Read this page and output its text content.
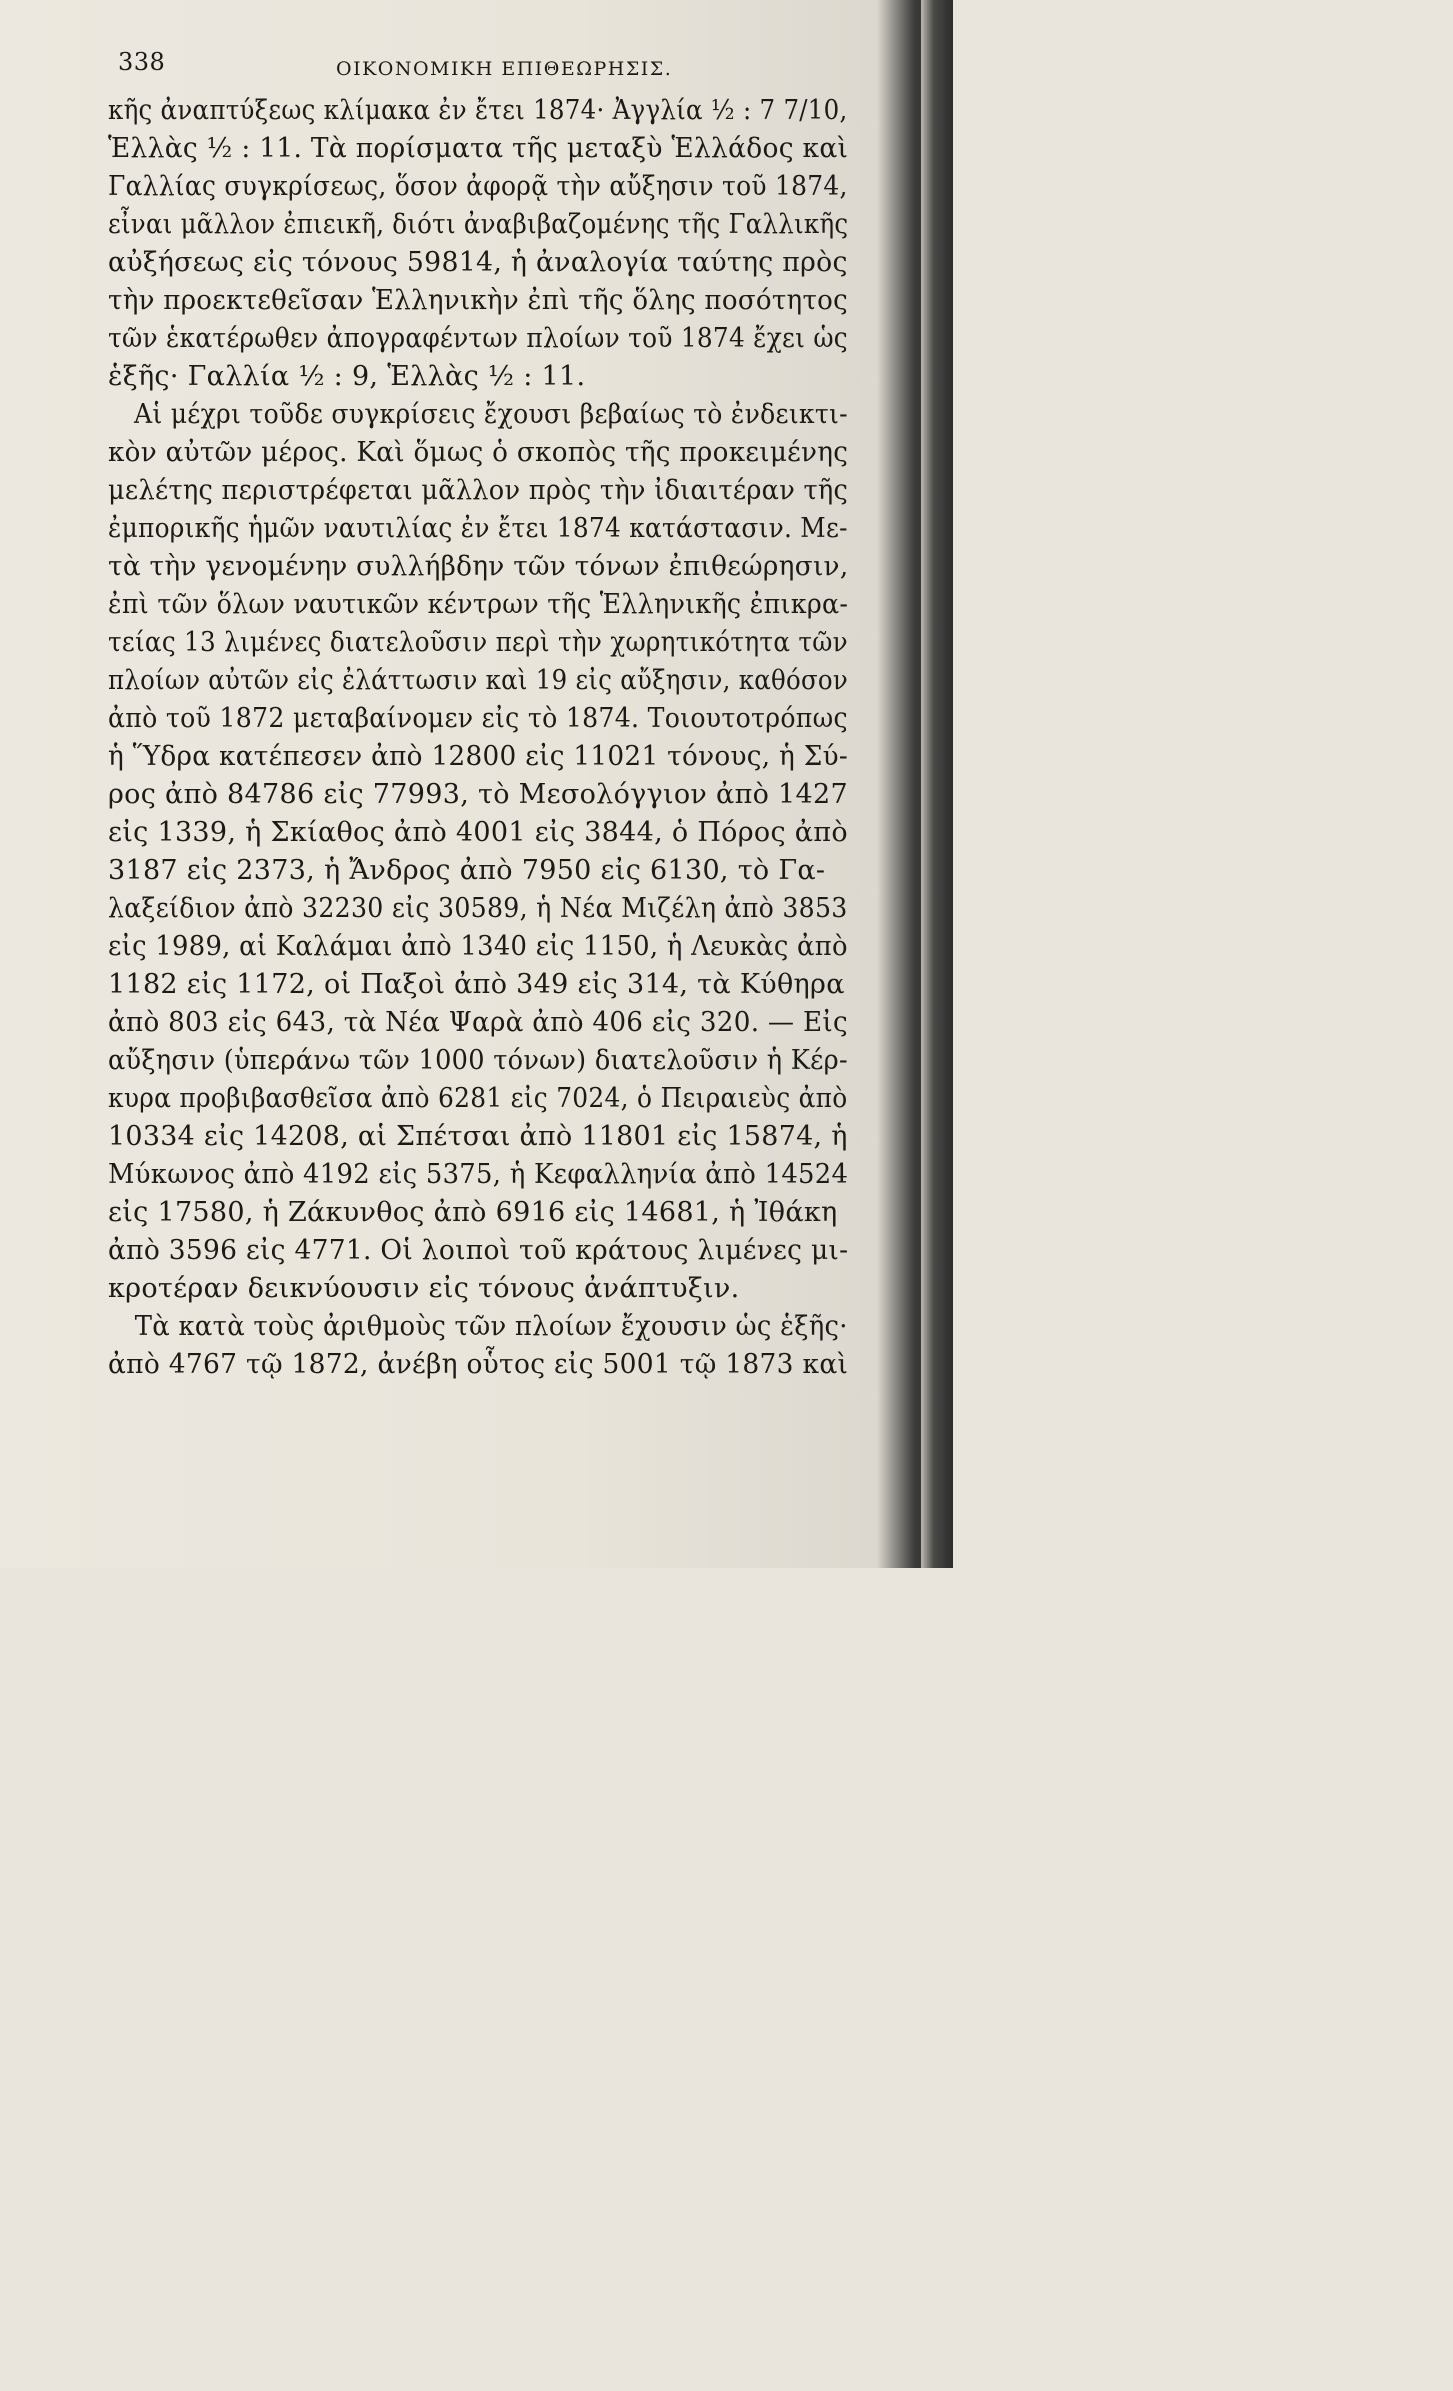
338	ΟΙΚΟΝΟΜΙΚΗ ΕΠΙΘΕΩΡΗΣΙΣ.
κῆς ἀναπτύξεως κλίμακα ἐν ἔτει 1874· Ἀγγλία ½ : 7 7/10,
Ἑλλὰς ½ : 11. Τὰ πορίσματα τῆς μεταξὺ Ἑλλάδος καὶ
Γαλλίας συγκρίσεως, ὅσον ἀφορᾷ τὴν αὔξησιν τοῦ 1874,
εἶναι μᾶλλον ἐπιεικῆ, διότι ἀναβιβαζομένης τῆς Γαλλικῆς
αὐξήσεως εἰς τόνους 59814, ἡ ἀναλογία ταύτης πρὸς
τὴν προεκτεθεῖσαν Ἑλληνικὴν ἐπὶ τῆς ὅλης ποσότητος
τῶν ἑκατέρωθεν ἀπογραφέντων πλοίων τοῦ 1874 ἔχει ὡς
ἑξῆς· Γαλλία ½ : 9, Ἑλλὰς ½ : 11.
Αἱ μέχρι τοῦδε συγκρίσεις ἔχουσι βεβαίως τὸ ἐνδεικτι-
κὸν αὐτῶν μέρος. Καὶ ὅμως ὁ σκοπὸς τῆς προκειμένης
μελέτης περιστρέφεται μᾶλλον πρὸς τὴν ἰδιαιτέραν τῆς
ἐμπορικῆς ἡμῶν ναυτιλίας ἐν ἔτει 1874 κατάστασιν. Με-
τὰ τὴν γενομένην συλλήβδην τῶν τόνων ἐπιθεώρησιν,
ἐπὶ τῶν ὅλων ναυτικῶν κέντρων τῆς Ἑλληνικῆς ἐπικρα-
τείας 13 λιμένες διατελοῦσιν περὶ τὴν χωρητικότητα τῶν
πλοίων αὐτῶν εἰς ἐλάττωσιν καὶ 19 εἰς αὔξησιν, καθόσον
ἀπὸ τοῦ 1872 μεταβαίνομεν εἰς τὸ 1874. Τοιουτοτρόπως
ἡ Ὕδρα κατέπεσεν ἀπὸ 12800 εἰς 11021 τόνους, ἡ Σύ-
ρος ἀπὸ 84786 εἰς 77993, τὸ Μεσολόγγιον ἀπὸ 1427
εἰς 1339, ἡ Σκίαθος ἀπὸ 4001 εἰς 3844, ὁ Πόρος ἀπὸ
3187 εἰς 2373, ἡ Ἄνδρος ἀπὸ 7950 εἰς 6130, τὸ Γα-
λαξείδιον ἀπὸ 32230 εἰς 30589, ἡ Νέα Μιζέλη ἀπὸ 3853
εἰς 1989, αἱ Καλάμαι ἀπὸ 1340 εἰς 1150, ἡ Λευκὰς ἀπὸ
1182 εἰς 1172, οἱ Παξοὶ ἀπὸ 349 εἰς 314, τὰ Κύθηρα
ἀπὸ 803 εἰς 643, τὰ Νέα Ψαρὰ ἀπὸ 406 εἰς 320. — Εἰς
αὔξησιν (ὑπεράνω τῶν 1000 τόνων) διατελοῦσιν ἡ Κέρ-
κυρα προβιβασθεῖσα ἀπὸ 6281 εἰς 7024, ὁ Πειραιεὺς ἀπὸ
10334 εἰς 14208, αἱ Σπέτσαι ἀπὸ 11801 εἰς 15874, ἡ
Μύκωνος ἀπὸ 4192 εἰς 5375, ἡ Κεφαλληνία ἀπὸ 14524
εἰς 17580, ἡ Ζάκυνθος ἀπὸ 6916 εἰς 14681, ἡ Ἰθάκη
ἀπὸ 3596 εἰς 4771. Οἱ λοιποὶ τοῦ κράτους λιμένες μι-
κροτέραν δεικνύουσιν εἰς τόνους ἀνάπτυξιν.
Τὰ κατὰ τοὺς ἀριθμοὺς τῶν πλοίων ἔχουσιν ὡς ἑξῆς·
ἀπὸ 4767 τῷ 1872, ἀνέβη οὗτος εἰς 5001 τῷ 1873 καὶ
